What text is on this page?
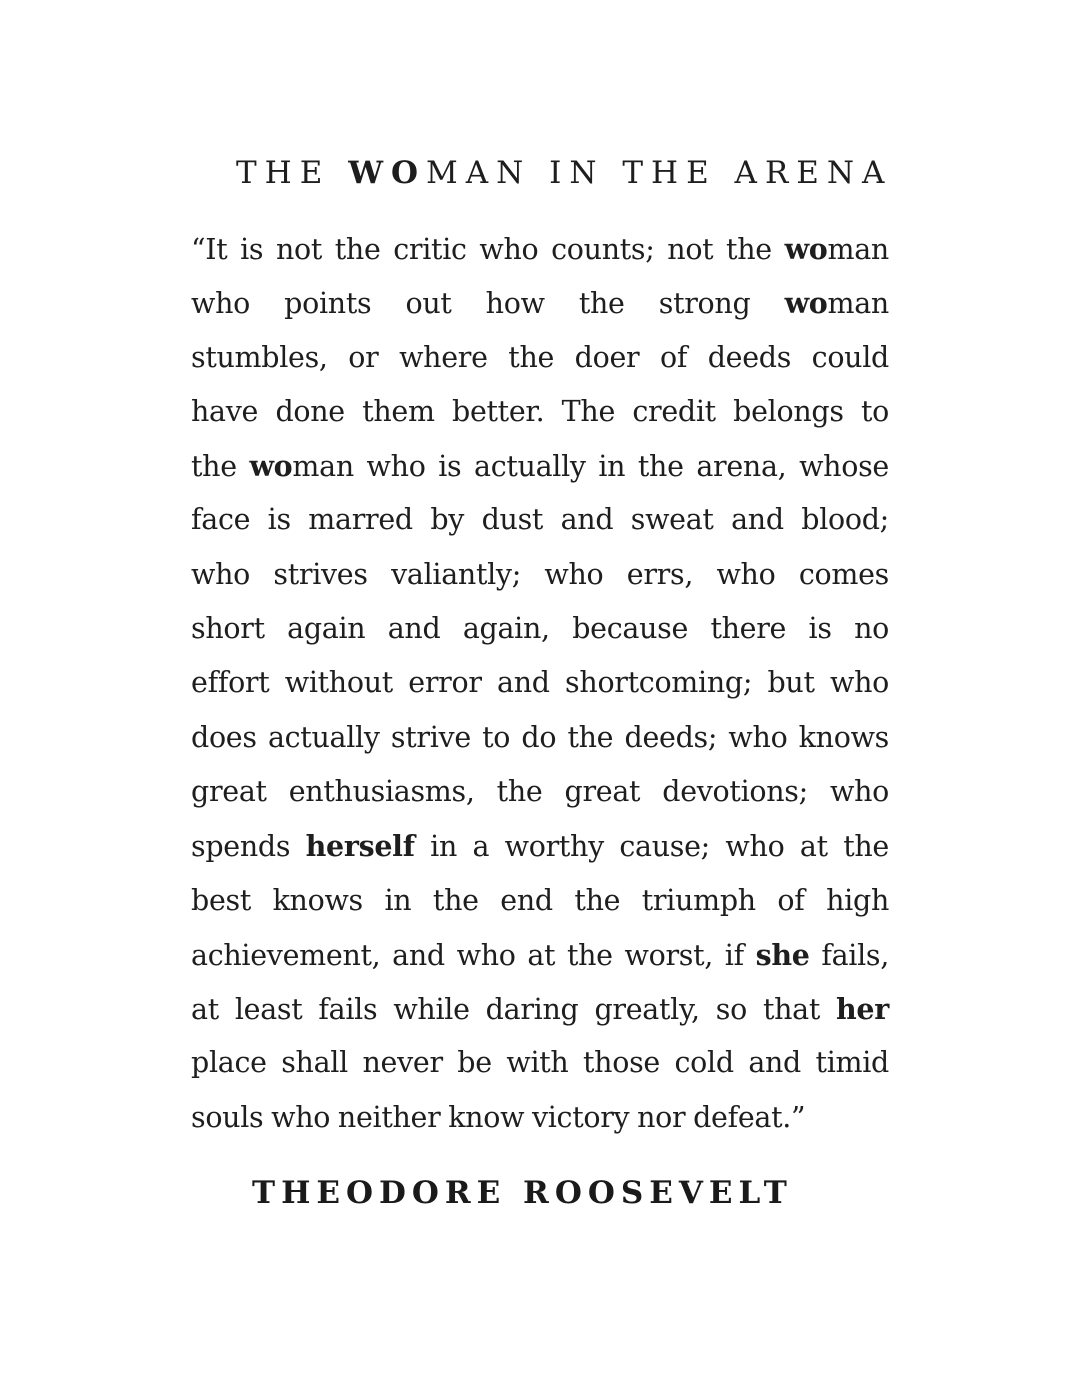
THE WOMAN IN THE ARENA
“It is not the critic who counts; not the woman
who points out how the strong woman
stumbles, or where the doer of deeds could
have done them better. The credit belongs to
the woman who is actually in the arena, whose
face is marred by dust and sweat and blood;
who strives valiantly; who errs, who comes
short again and again, because there is no
effort without error and shortcoming; but who
does actually strive to do the deeds; who knows
great enthusiasms, the great devotions; who
spends herself in a worthy cause; who at the
best knows in the end the triumph of high
achievement, and who at the worst, if she fails,
at least fails while daring greatly, so that her
place shall never be with those cold and timid
souls who neither know victory nor defeat.”

THEODORE ROOSEVELT
